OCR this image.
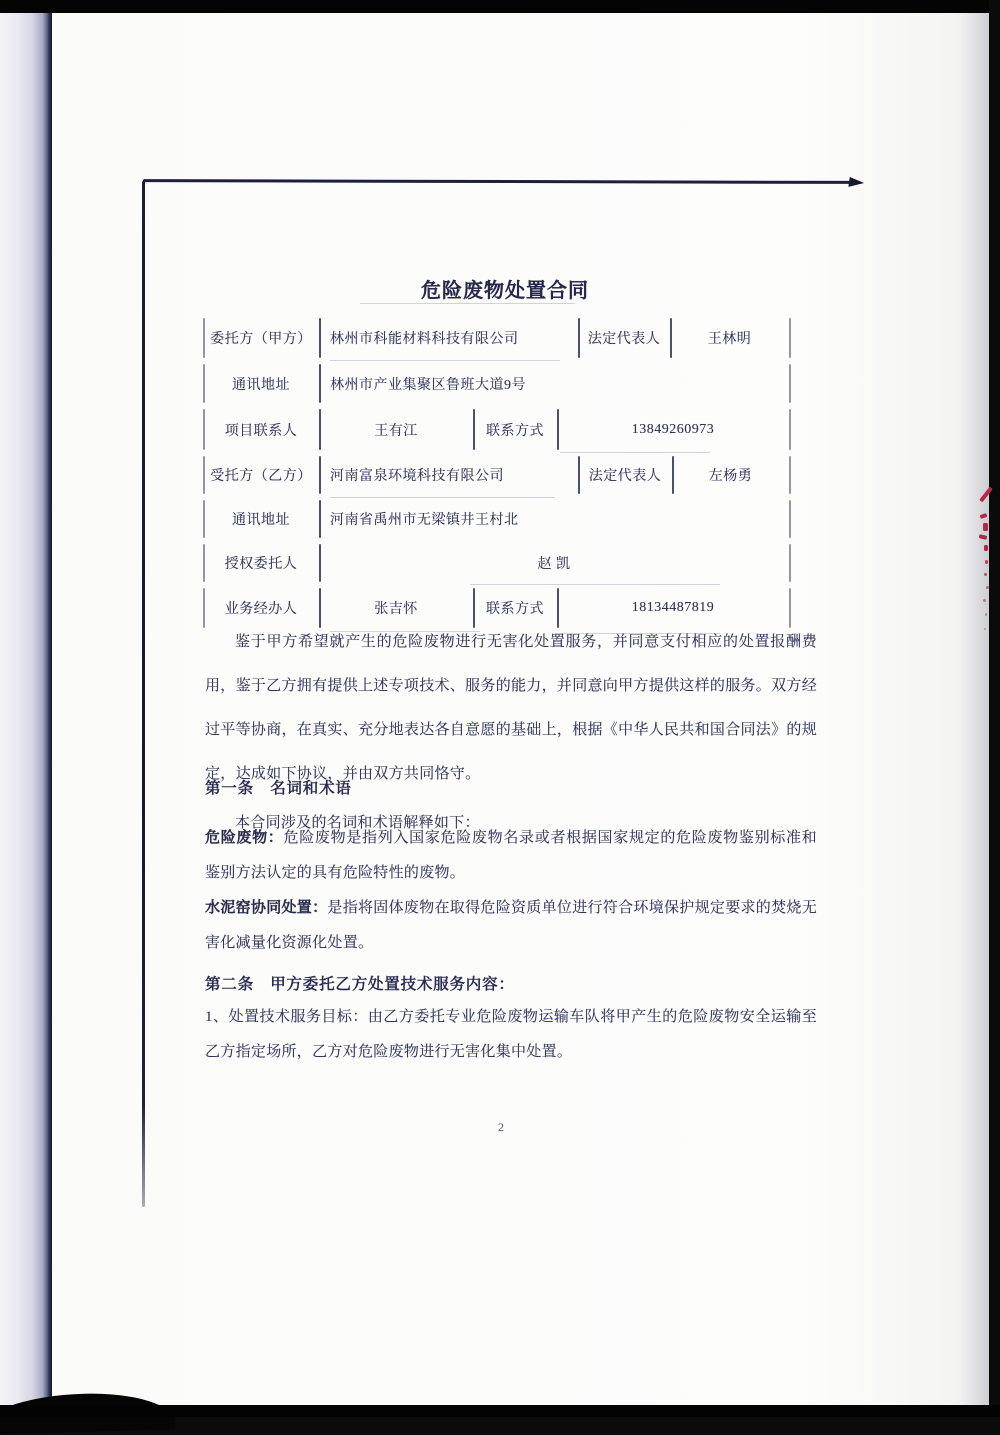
危险废物处置合同
委托方（甲方）	林州市科能材料科技有限公司	法定代表人	王林明
通讯地址	林州市产业集聚区鲁班大道9号
项目联系人	王有江	联系方式	13849260973
受托方（乙方）	河南富泉环境科技有限公司	法定代表人	左杨勇
通讯地址	河南省禹州市无梁镇井王村北
授权委托人	赵 凯
业务经办人	张吉怀	联系方式	18134487819
鉴于甲方希望就产生的危险废物进行无害化处置服务，并同意支付相应的处置报酬费用，鉴于乙方拥有提供上述专项技术、服务的能力，并同意向甲方提供这样的服务。双方经过平等协商，在真实、充分地表达各自意愿的基础上，根据《中华人民共和国合同法》的规定，达成如下协议，并由双方共同恪守。
第一条　名词和术语
本合同涉及的名词和术语解释如下：

危险废物：危险废物是指列入国家危险废物名录或者根据国家规定的危险废物鉴别标准和鉴别方法认定的具有危险特性的废物。

水泥窑协同处置：是指将固体废物在取得危险资质单位进行符合环境保护规定要求的焚烧无害化减量化资源化处置。

第二条　甲方委托乙方处置技术服务内容：
1、处置技术服务目标：由乙方委托专业危险废物运输车队将甲产生的危险废物安全运输至乙方指定场所，乙方对危险废物进行无害化集中处置。
2
